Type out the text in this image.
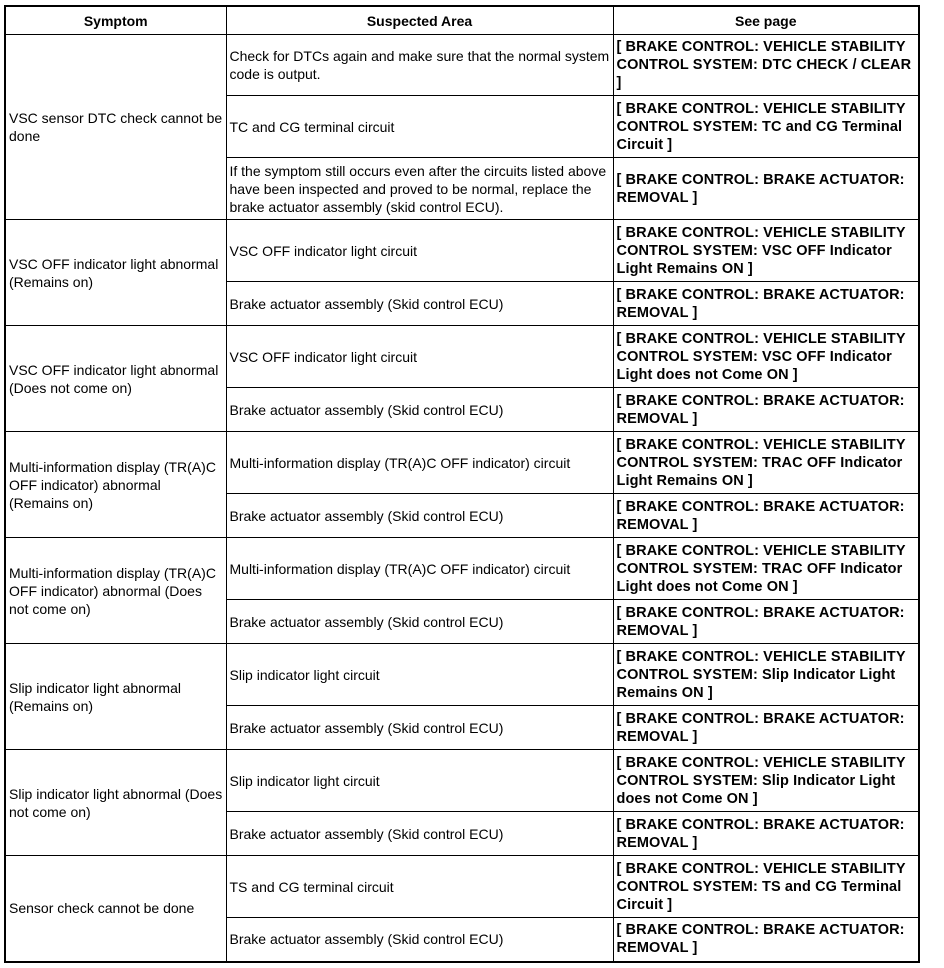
Symptom	Suspected Area	See page
VSC sensor DTC check cannot be done	Check for DTCs again and make sure that the normal system code is output.	[ BRAKE CONTROL: VEHICLE STABILITY CONTROL SYSTEM: DTC CHECK / CLEAR ]
	TC and CG terminal circuit	[ BRAKE CONTROL: VEHICLE STABILITY CONTROL SYSTEM: TC and CG Terminal Circuit ]
	If the symptom still occurs even after the circuits listed above have been inspected and proved to be normal, replace the brake actuator assembly (skid control ECU).	[ BRAKE CONTROL: BRAKE ACTUATOR: REMOVAL ]
VSC OFF indicator light abnormal (Remains on)	VSC OFF indicator light circuit	[ BRAKE CONTROL: VEHICLE STABILITY CONTROL SYSTEM: VSC OFF Indicator Light Remains ON ]
	Brake actuator assembly (Skid control ECU)	[ BRAKE CONTROL: BRAKE ACTUATOR: REMOVAL ]
VSC OFF indicator light abnormal (Does not come on)	VSC OFF indicator light circuit	[ BRAKE CONTROL: VEHICLE STABILITY CONTROL SYSTEM: VSC OFF Indicator Light does not Come ON ]
	Brake actuator assembly (Skid control ECU)	[ BRAKE CONTROL: BRAKE ACTUATOR: REMOVAL ]
Multi-information display (TR(A)C OFF indicator) abnormal (Remains on)	Multi-information display (TR(A)C OFF indicator) circuit	[ BRAKE CONTROL: VEHICLE STABILITY CONTROL SYSTEM: TRAC OFF Indicator Light Remains ON ]
	Brake actuator assembly (Skid control ECU)	[ BRAKE CONTROL: BRAKE ACTUATOR: REMOVAL ]
Multi-information display (TR(A)C OFF indicator) abnormal (Does not come on)	Multi-information display (TR(A)C OFF indicator) circuit	[ BRAKE CONTROL: VEHICLE STABILITY CONTROL SYSTEM: TRAC OFF Indicator Light does not Come ON ]
	Brake actuator assembly (Skid control ECU)	[ BRAKE CONTROL: BRAKE ACTUATOR: REMOVAL ]
Slip indicator light abnormal (Remains on)	Slip indicator light circuit	[ BRAKE CONTROL: VEHICLE STABILITY CONTROL SYSTEM: Slip Indicator Light Remains ON ]
	Brake actuator assembly (Skid control ECU)	[ BRAKE CONTROL: BRAKE ACTUATOR: REMOVAL ]
Slip indicator light abnormal (Does not come on)	Slip indicator light circuit	[ BRAKE CONTROL: VEHICLE STABILITY CONTROL SYSTEM: Slip Indicator Light does not Come ON ]
	Brake actuator assembly (Skid control ECU)	[ BRAKE CONTROL: BRAKE ACTUATOR: REMOVAL ]
Sensor check cannot be done	TS and CG terminal circuit	[ BRAKE CONTROL: VEHICLE STABILITY CONTROL SYSTEM: TS and CG Terminal Circuit ]
	Brake actuator assembly (Skid control ECU)	[ BRAKE CONTROL: BRAKE ACTUATOR: REMOVAL ]
